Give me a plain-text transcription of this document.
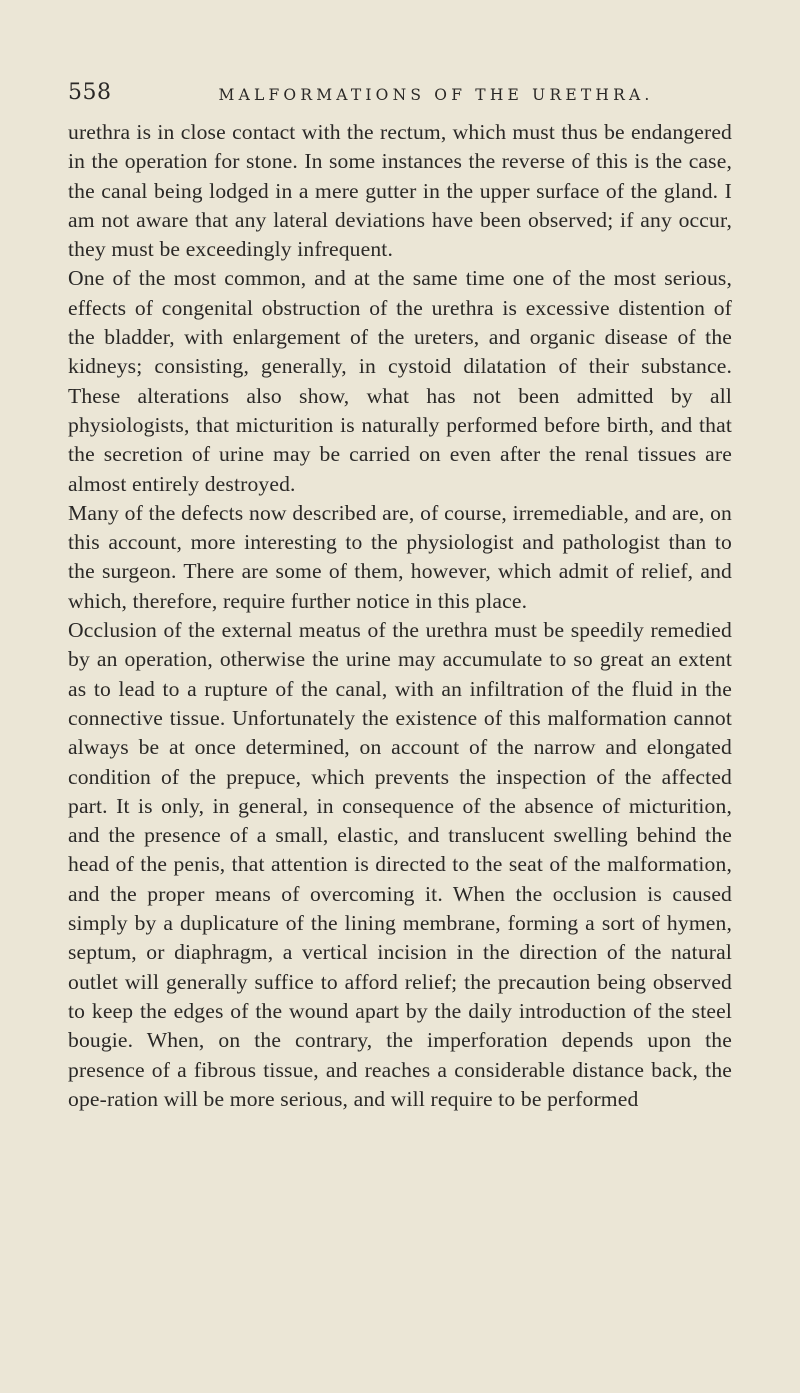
558	MALFORMATIONS OF THE URETHRA.

urethra is in close contact with the rectum, which must thus be endangered in the operation for stone. In some instances the reverse of this is the case, the canal being lodged in a mere gutter in the upper surface of the gland. I am not aware that any lateral deviations have been observed; if any occur, they must be exceedingly infrequent.

One of the most common, and at the same time one of the most serious, effects of congenital obstruction of the urethra is excessive distention of the bladder, with enlargement of the ureters, and organic disease of the kidneys; consisting, generally, in cystoid dilatation of their substance. These alterations also show, what has not been admitted by all physiologists, that micturition is naturally performed before birth, and that the secretion of urine may be carried on even after the renal tissues are almost entirely destroyed.

Many of the defects now described are, of course, irremediable, and are, on this account, more interesting to the physiologist and pathologist than to the surgeon. There are some of them, however, which admit of relief, and which, therefore, require further notice in this place.

Occlusion of the external meatus of the urethra must be speedily remedied by an operation, otherwise the urine may accumulate to so great an extent as to lead to a rupture of the canal, with an infiltration of the fluid in the connective tissue. Unfortunately the existence of this malformation cannot always be at once determined, on account of the narrow and elongated condition of the prepuce, which prevents the inspection of the affected part. It is only, in general, in consequence of the absence of micturition, and the presence of a small, elastic, and translucent swelling behind the head of the penis, that attention is directed to the seat of the malformation, and the proper means of overcoming it. When the occlusion is caused simply by a duplicature of the lining membrane, forming a sort of hymen, septum, or diaphragm, a vertical incision in the direction of the natural outlet will generally suffice to afford relief; the precaution being observed to keep the edges of the wound apart by the daily introduction of the steel bougie. When, on the contrary, the imperforation depends upon the presence of a fibrous tissue, and reaches a considerable distance back, the ope-ration will be more serious, and will require to be performed
